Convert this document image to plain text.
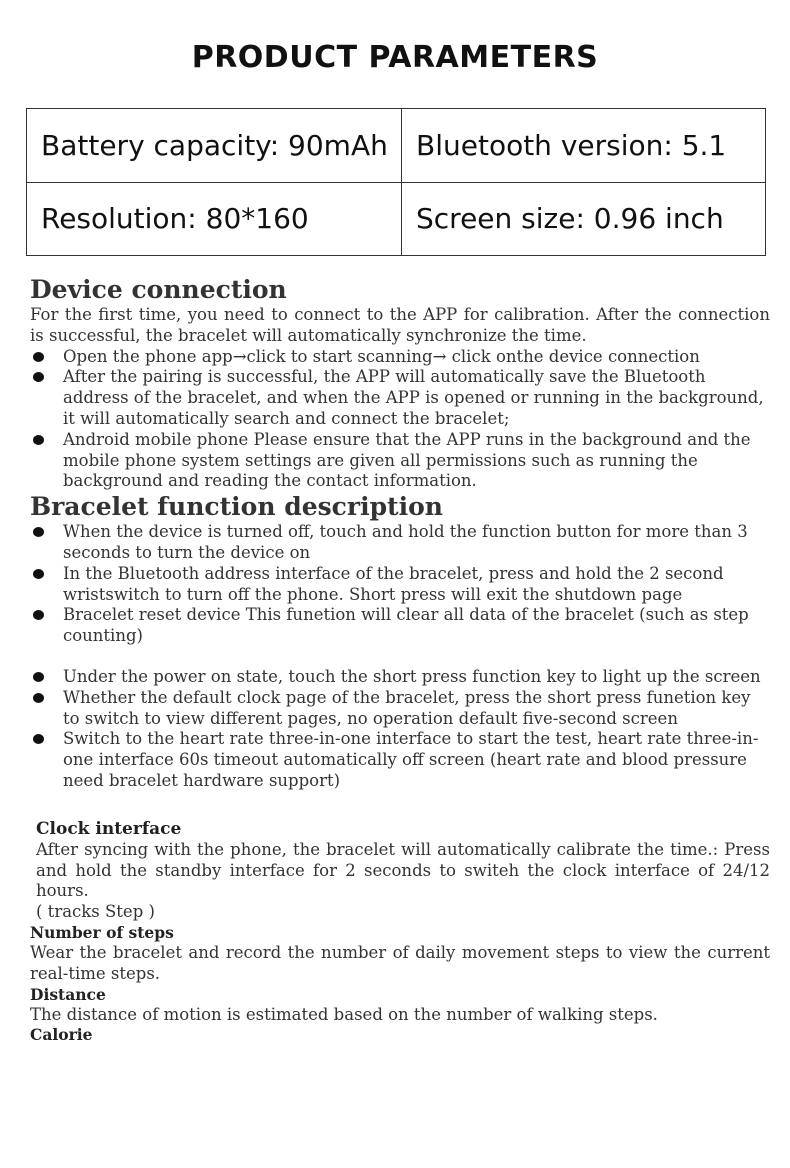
PRODUCT PARAMETERS
Battery capacity: 90mAh	Bluetooth version: 5.1
Resolution: 80*160	Screen size: 0.96 inch
Device connection

For the first time, you need to connect to the APP for calibration. After the connection is successful, the bracelet will automatically synchronize the time.

Open the phone app→click to start scanning→ click onthe device connection
After the pairing is successful, the APP will automatically save the Bluetooth address of the bracelet, and when the APP is opened or running in the background, it will automatically search and connect the bracelet;
Android mobile phone Please ensure that the APP runs in the background and the mobile phone system settings are given all permissions such as running the background and reading the contact information.
Bracelet function description
When the device is turned off, touch and hold the function button for more than 3 seconds to turn the device on
In the Bluetooth address interface of the bracelet, press and hold the 2 second wristswitch to turn off the phone. Short press will exit the shutdown page
Bracelet reset device This funetion will clear all data of the bracelet (such as step counting)
Under the power on state, touch the short press function key to light up the screen
Whether the default clock page of the bracelet, press the short press funetion key to switch to view different pages, no operation default five-second screen
Switch to the heart rate three-in-one interface to start the test, heart rate three-in-one interface 60s timeout automatically off screen (heart rate and blood pressure need bracelet hardware support)
Clock interface

After syncing with the phone, the bracelet will automatically calibrate the time.: Press and hold the standby interface for 2 seconds to switeh the clock interface of 24/12 hours.

( tracks Step )

Number of steps

Wear the bracelet and record the number of daily movement steps to view the current real-time steps.

Distance

The distance of motion is estimated based on the number of walking steps.

Calorie
